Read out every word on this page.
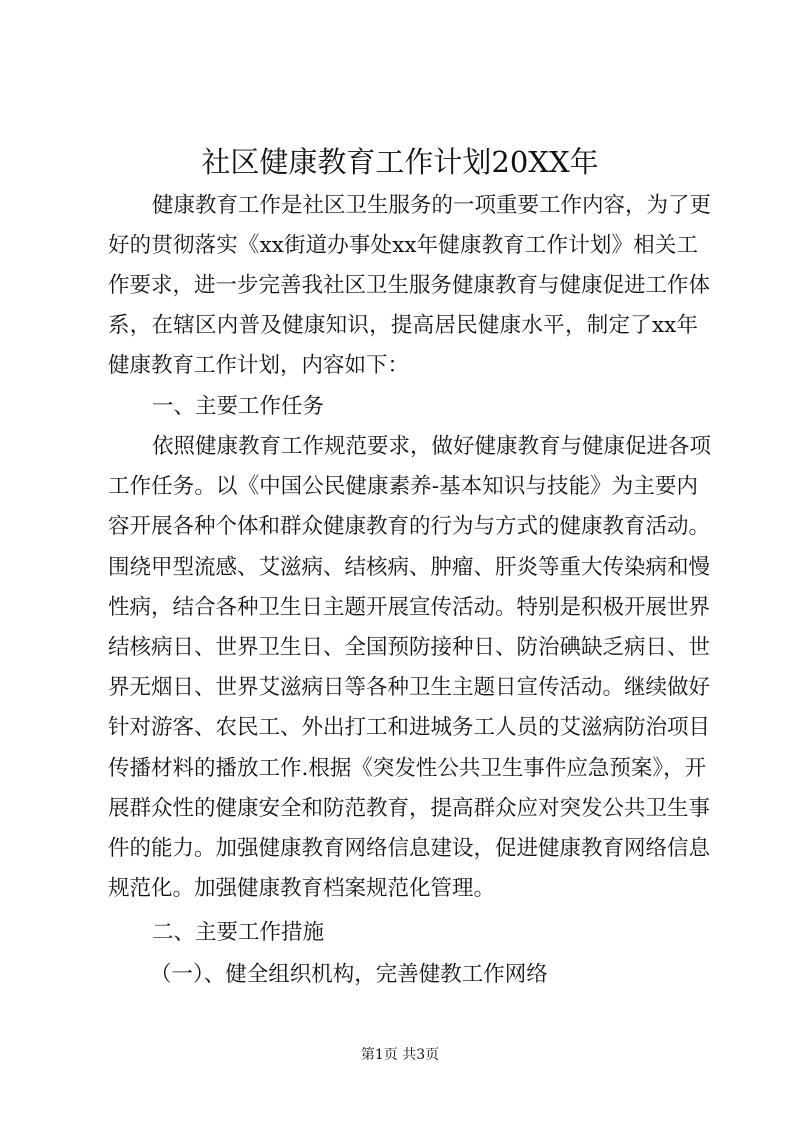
社区健康教育工作计划20XX年
健康教育工作是社区卫生服务的一项重要工作内容，为了更
好的贯彻落实《xx街道办事处xx年健康教育工作计划》相关工
作要求，进一步完善我社区卫生服务健康教育与健康促进工作体
系，在辖区内普及健康知识，提高居民健康水平，制定了xx年
健康教育工作计划，内容如下：
一、主要工作任务
依照健康教育工作规范要求，做好健康教育与健康促进各项
工作任务。以《中国公民健康素养-基本知识与技能》为主要内
容开展各种个体和群众健康教育的行为与方式的健康教育活动。
围绕甲型流感、艾滋病、结核病、肿瘤、肝炎等重大传染病和慢
性病，结合各种卫生日主题开展宣传活动。特别是积极开展世界
结核病日、世界卫生日、全国预防接种日、防治碘缺乏病日、世
界无烟日、世界艾滋病日等各种卫生主题日宣传活动。继续做好
针对游客、农民工、外出打工和进城务工人员的艾滋病防治项目
传播材料的播放工作.根据《突发性公共卫生事件应急预案》，开
展群众性的健康安全和防范教育，提高群众应对突发公共卫生事
件的能力。加强健康教育网络信息建设，促进健康教育网络信息
规范化。加强健康教育档案规范化管理。
二、主要工作措施
（一）、健全组织机构，完善健教工作网络
第1页 共3页
